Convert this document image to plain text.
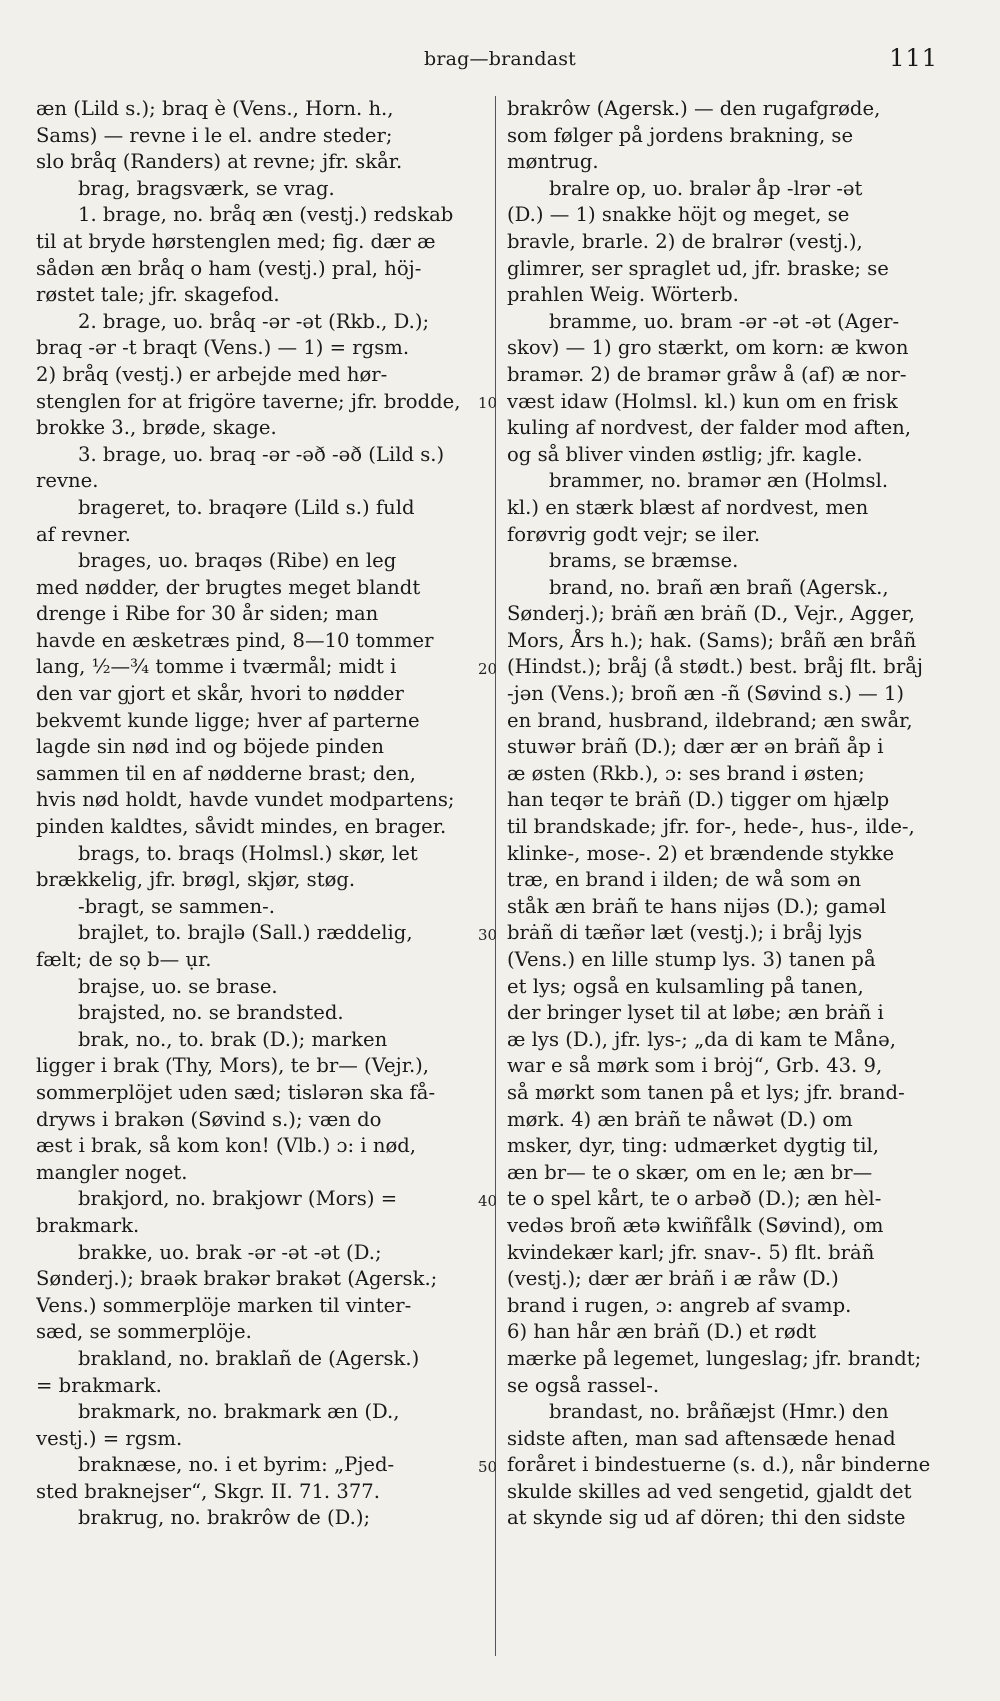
brag—brandast	111
æn (Lild s.); braq è (Vens., Horn. h.,
Sams) — revne i le el. andre steder;
slo bråq (Randers) at revne; jfr. skår.
brag, bragsværk, se vrag.
1. brage, no. bråq æn (vestj.) redskab
til at bryde hørstenglen med; fig. dær æ
sådən æn bråq o ham (vestj.) pral, höj-
røstet tale; jfr. skagefod.
2. brage, uo. bråq -ər -ət (Rkb., D.);
braq -ər -t braqt (Vens.) — 1) = rgsm.
2) bråq (vestj.) er arbejde med hør-
stenglen for at frigöre taverne; jfr. brodde,
brokke 3., brøde, skage.
3. brage, uo. braq -ər -əð -əð (Lild s.)
revne.
brageret, to. braqəre (Lild s.) fuld
af revner.
brages, uo. braqəs (Ribe) en leg
med nødder, der brugtes meget blandt
drenge i Ribe for 30 år siden; man
havde en æsketræs pind, 8—10 tommer
lang, ½—¾ tomme i tværmål; midt i
den var gjort et skår, hvori to nødder
bekvemt kunde ligge; hver af parterne
lagde sin nød ind og böjede pinden
sammen til en af nødderne brast; den,
hvis nød holdt, havde vundet modpartens;
pinden kaldtes, såvidt mindes, en brager.
brags, to. braqs (Holmsl.) skør, let
brækkelig, jfr. brøgl, skjør, støg.
-bragt, se sammen-.
brajlet, to. brajlə (Sall.) ræddelig,
fælt; de sọ b— ụr.
brajse, uo. se brase.
brajsted, no. se brandsted.
brak, no., to. brak (D.); marken
ligger i brak (Thy, Mors), te br— (Vejr.),
sommerplöjet uden sæd; tislərən ska få-
dryws i brakən (Søvind s.); væn do
æst i brak, så kom kon! (Vlb.) ɔ: i nød,
mangler noget.
brakjord, no. brakjowr (Mors) =
brakmark.
brakke, uo. brak -ər -ət -ət (D.;
Sønderj.); braək brakər brakət (Agersk.;
Vens.) sommerplöje marken til vinter-
sæd, se sommerplöje.
brakland, no. braklañ de (Agersk.)
= brakmark.
brakmark, no. brakmark æn (D.,
vestj.) = rgsm.
braknæse, no. i et byrim: „Pjed-
sted braknejser“, Skgr. II. 71. 377.
brakrug, no. brakrôw de (D.);
brakrôw (Agersk.) — den rugafgrøde,
som følger på jordens brakning, se
møntrug.
bralre op, uo. bralər åp -lrər -ət
(D.) — 1) snakke höjt og meget, se
bravle, brarle. 2) de bralrər (vestj.),
glimrer, ser spraglet ud, jfr. braske; se
prahlen Weig. Wörterb.
bramme, uo. bram -ər -ət -ət (Ager-
skov) — 1) gro stærkt, om korn: æ kwon
bramər. 2) de bramər gråw å (af) æ nor-
væst idaw (Holmsl. kl.) kun om en frisk
kuling af nordvest, der falder mod aften,
og så bliver vinden østlig; jfr. kagle.
brammer, no. bramər æn (Holmsl.
kl.) en stærk blæst af nordvest, men
forøvrig godt vejr; se iler.
brams, se bræmse.
brand, no. brañ æn brañ (Agersk.,
Sønderj.); brȧñ æn brȧñ (D., Vejr., Agger,
Mors, Års h.); hak. (Sams); bråñ æn bråñ
(Hindst.); bråj (å stødt.) best. bråj flt. bråj
-jən (Vens.); broñ æn -ñ (Søvind s.) — 1)
en brand, husbrand, ildebrand; æn swår,
stuwər brȧñ (D.); dær ær ən brȧñ åp i
æ østen (Rkb.), ɔ: ses brand i østen;
han teqər te brȧñ (D.) tigger om hjælp
til brandskade; jfr. for-, hede-, hus-, ilde-,
klinke-, mose-. 2) et brændende stykke
træ, en brand i ilden; de wå som ən
ståk æn brȧñ te hans nijəs (D.); gaməl
brȧñ di tæñər læt (vestj.); i bråj lyjs
(Vens.) en lille stump lys. 3) tanen på
et lys; også en kulsamling på tanen,
der bringer lyset til at løbe; æn brȧñ i
æ lys (D.), jfr. lys-; „da di kam te Månə,
war e så mørk som i brȯj“, Grb. 43. 9,
så mørkt som tanen på et lys; jfr. brand-
mørk. 4) æn brȧñ te nåwət (D.) om
msker, dyr, ting: udmærket dygtig til,
æn br— te o skær, om en le; æn br—
te o spel kårt, te o arbəð (D.); æn hèl-
vedəs broñ ætə kwiñfålk (Søvind), om
kvindekær karl; jfr. snav-. 5) flt. brȧñ
(vestj.); dær ær brȧñ i æ råw (D.)
brand i rugen, ɔ: angreb af svamp.
6) han hår æn brȧñ (D.) et rødt
mærke på legemet, lungeslag; jfr. brandt;
se også rassel-.
brandast, no. bråñæjst (Hmr.) den
sidste aften, man sad aftensæde henad
foråret i bindestuerne (s. d.), når binderne
skulde skilles ad ved sengetid, gjaldt det
at skynde sig ud af dören; thi den sidste
10
20
30
40
50
